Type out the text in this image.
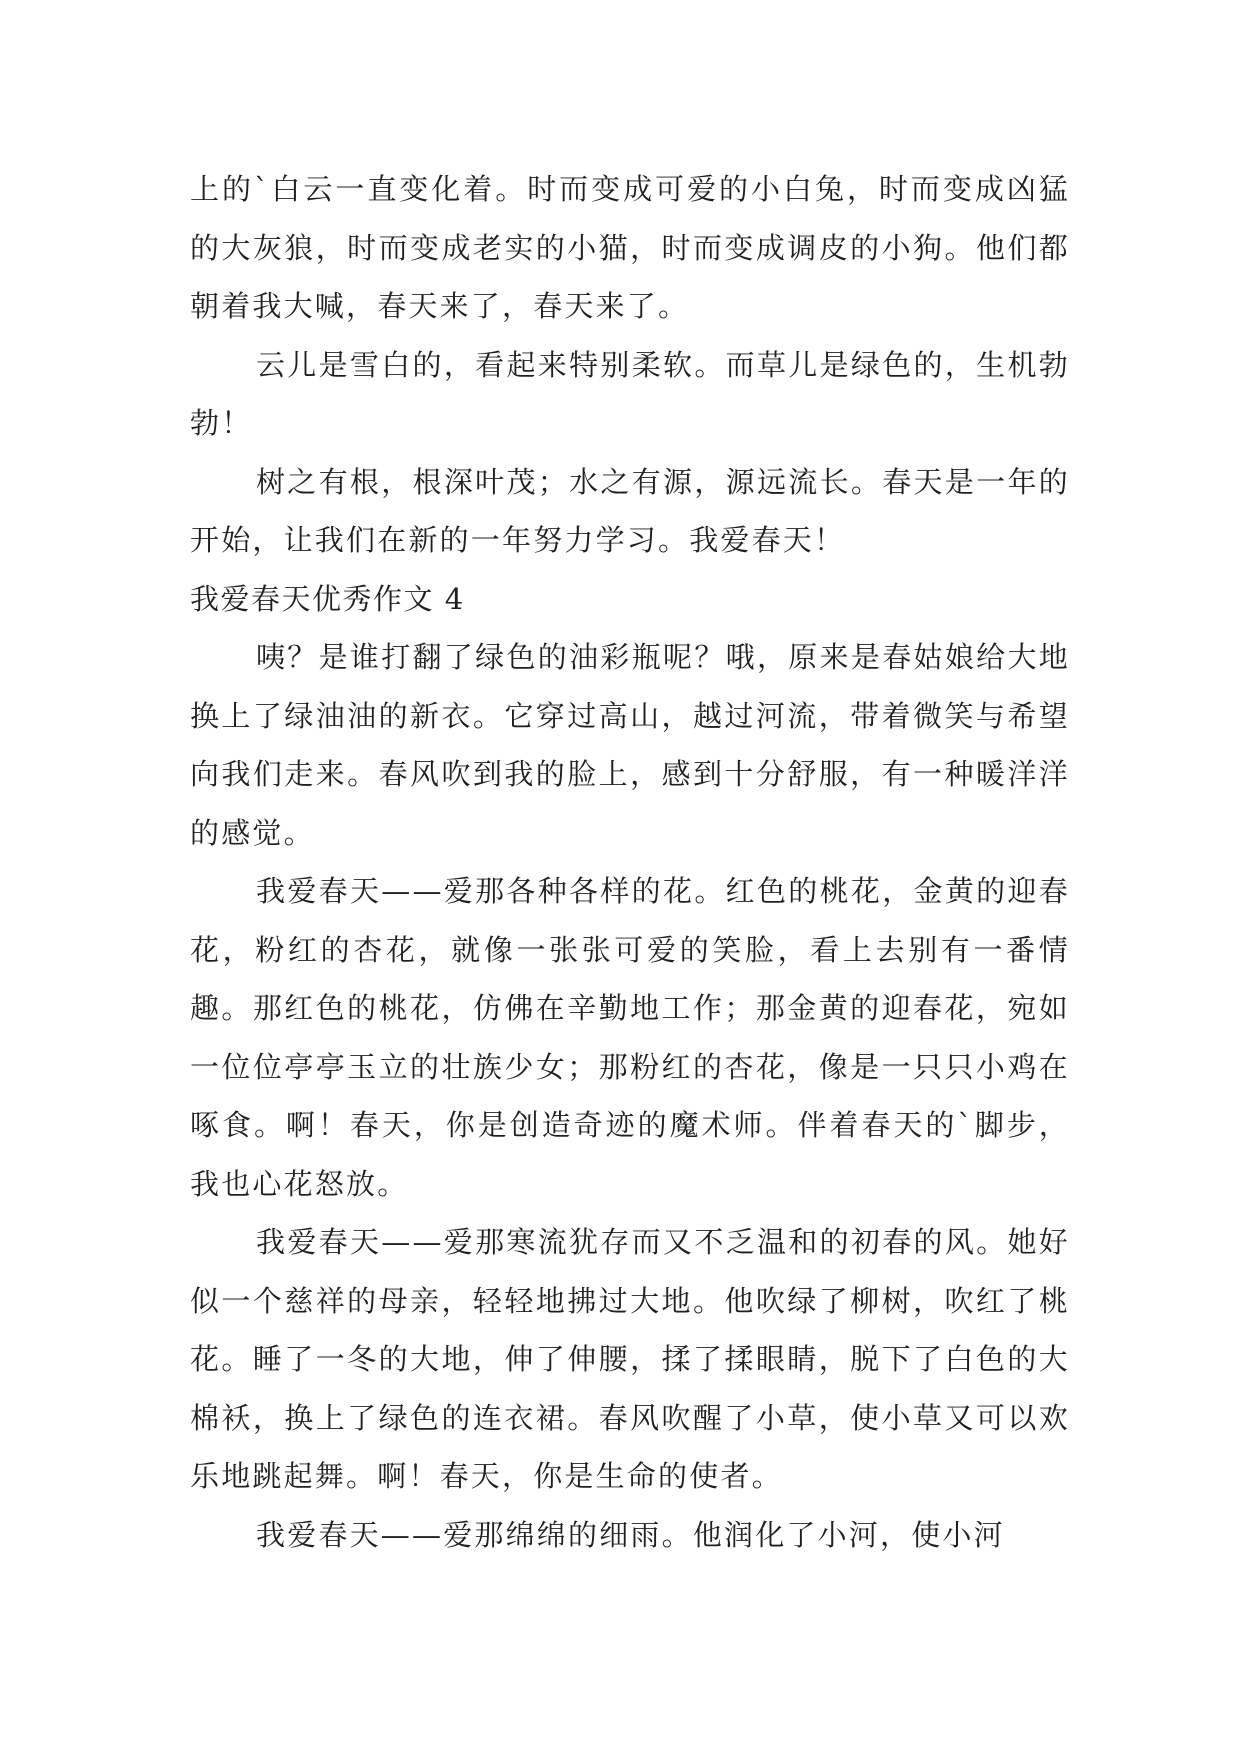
上的`白云一直变化着。时而变成可爱的小白兔，时而变成凶猛的大灰狼，时而变成老实的小猫，时而变成调皮的小狗。他们都朝着我大喊，春天来了，春天来了。

云儿是雪白的，看起来特别柔软。而草儿是绿色的，生机勃勃！

树之有根，根深叶茂；水之有源，源远流长。春天是一年的开始，让我们在新的一年努力学习。我爱春天！

我爱春天优秀作文 4

咦？是谁打翻了绿色的油彩瓶呢？哦，原来是春姑娘给大地换上了绿油油的新衣。它穿过高山，越过河流，带着微笑与希望向我们走来。春风吹到我的脸上，感到十分舒服，有一种暖洋洋的感觉。

我爱春天——爱那各种各样的花。红色的桃花，金黄的迎春花，粉红的杏花，就像一张张可爱的笑脸，看上去别有一番情趣。那红色的桃花，仿佛在辛勤地工作；那金黄的迎春花，宛如一位位亭亭玉立的壮族少女；那粉红的杏花，像是一只只小鸡在啄食。啊！春天，你是创造奇迹的魔术师。伴着春天的`脚步，我也心花怒放。

我爱春天——爱那寒流犹存而又不乏温和的初春的风。她好似一个慈祥的母亲，轻轻地拂过大地。他吹绿了柳树，吹红了桃花。睡了一冬的大地，伸了伸腰，揉了揉眼睛，脱下了白色的大棉袄，换上了绿色的连衣裙。春风吹醒了小草，使小草又可以欢乐地跳起舞。啊！春天，你是生命的使者。

我爱春天——爱那绵绵的细雨。他润化了小河，使小河
